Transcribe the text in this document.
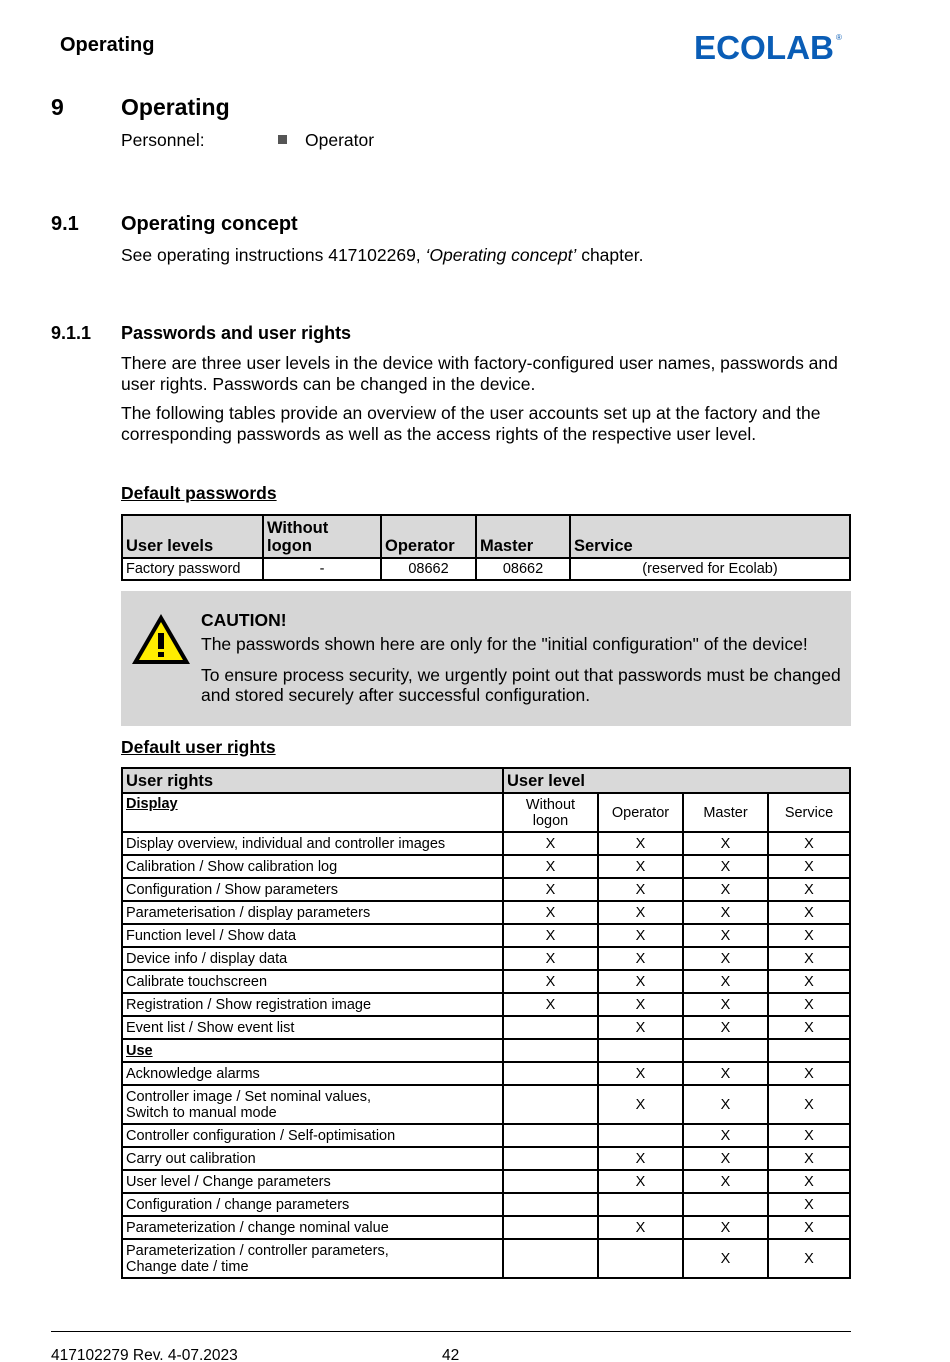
Operating	ECOLAB ®
9 Operating
Personnel:	Operator
9.1 Operating concept
See operating instructions 417102269, ‘Operating concept’ chapter.
9.1.1 Passwords and user rights
There are three user levels in the device with factory-configured user names, passwords and user rights. Passwords can be changed in the device.
The following tables provide an overview of the user accounts set up at the factory and the corresponding passwords as well as the access rights of the respective user level.
Default passwords
User levels	Without logon	Operator	Master	Service
Factory password	-	08662	08662	(reserved for Ecolab)
CAUTION!
The passwords shown here are only for the "initial configuration" of the device!
To ensure process security, we urgently point out that passwords must be changed and stored securely after successful configuration.
Default user rights
User rights	User level			
Display	Without logon	Operator	Master	Service
Display overview, individual and controller images	X	X	X	X
Calibration / Show calibration log	X	X	X	X
Configuration / Show parameters	X	X	X	X
Parameterisation / display parameters	X	X	X	X
Function level / Show data	X	X	X	X
Device info / display data	X	X	X	X
Calibrate touchscreen	X	X	X	X
Registration / Show registration image	X	X	X	X
Event list / Show event list		X	X	X
Use				
Acknowledge alarms		X	X	X
Controller image / Set nominal values,
Switch to manual mode		X	X	X
Controller configuration / Self-optimisation			X	X
Carry out calibration		X	X	X
User level / Change parameters		X	X	X
Configuration / change parameters				X
Parameterization / change nominal value		X	X	X
Parameterization / controller parameters,
Change date / time			X	X
417102279 Rev. 4-07.2023	42
